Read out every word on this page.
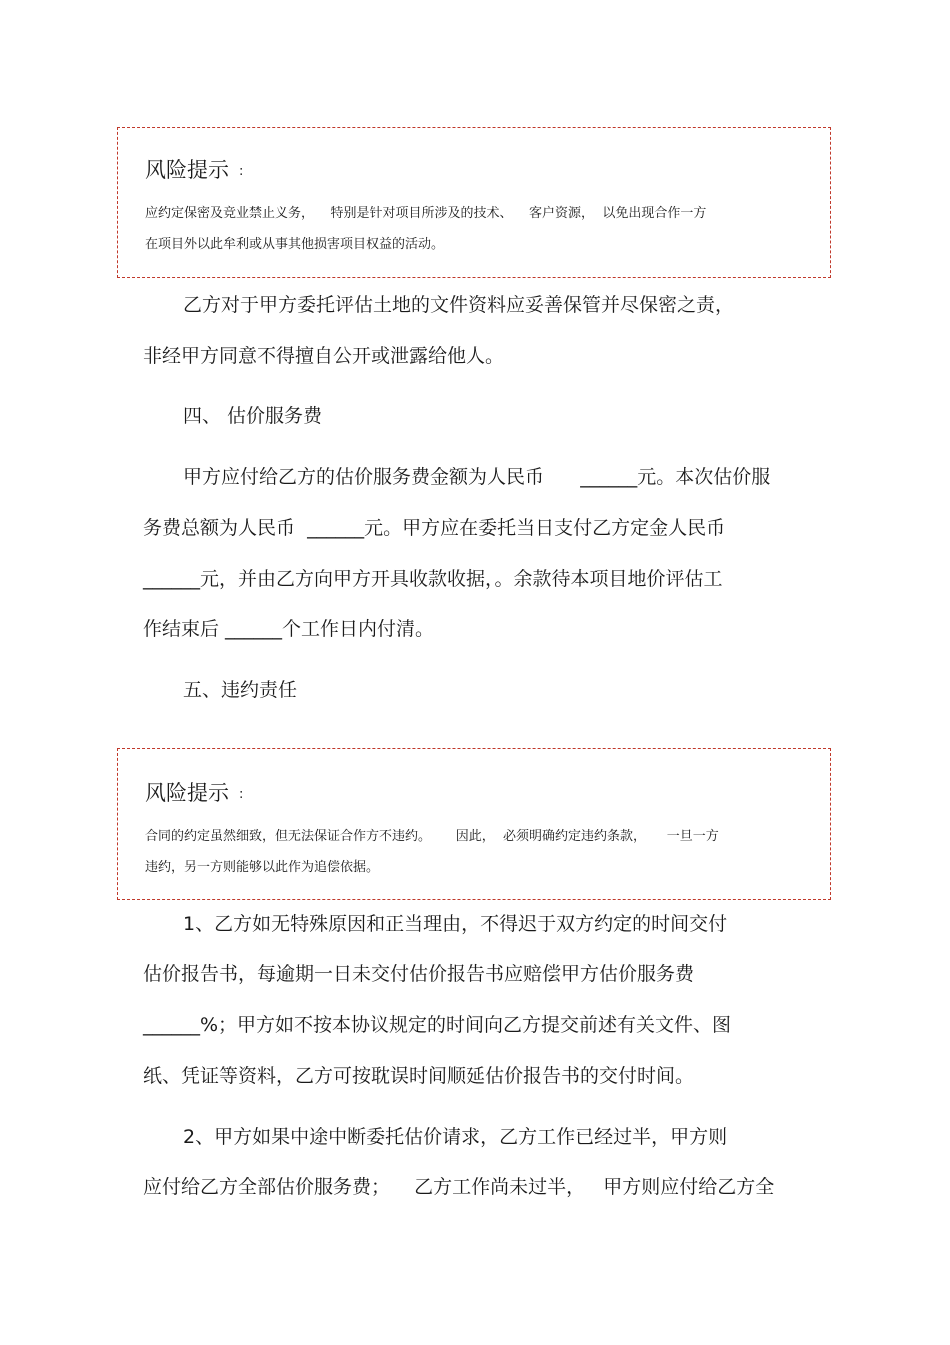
风险提示 :
应约定保密及竞业禁止义务，    特别是针对项目所涉及的技术、    客户资源，  以免出现合作一方
在项目外以此牟利或从事其他损害项目权益的活动。
乙方对于甲方委托评估土地的文件资料应妥善保管并尽保密之责，
非经甲方同意不得擅自公开或泄露给他人。
四、 估价服务费
甲方应付给乙方的估价服务费金额为人民币      ______元。本次估价服
务费总额为人民币  ______元。甲方应在委托当日支付乙方定金人民币
______元，并由乙方向甲方开具收款收据，。余款待本项目地价评估工
作结束后 ______个工作日内付清。
五、违约责任
风险提示 :
合同的约定虽然细致，但无法保证合作方不违约。      因此，  必须明确约定违约条款，     一旦一方
违约，另一方则能够以此作为追偿依据。
1、乙方如无特殊原因和正当理由，不得迟于双方约定的时间交付
估价报告书，每逾期一日未交付估价报告书应赔偿甲方估价服务费
______%；甲方如不按本协议规定的时间向乙方提交前述有关文件、图
纸、凭证等资料，乙方可按耽误时间顺延估价报告书的交付时间。
2、甲方如果中途中断委托估价请求，乙方工作已经过半，甲方则
应付给乙方全部估价服务费；    乙方工作尚未过半，   甲方则应付给乙方全
